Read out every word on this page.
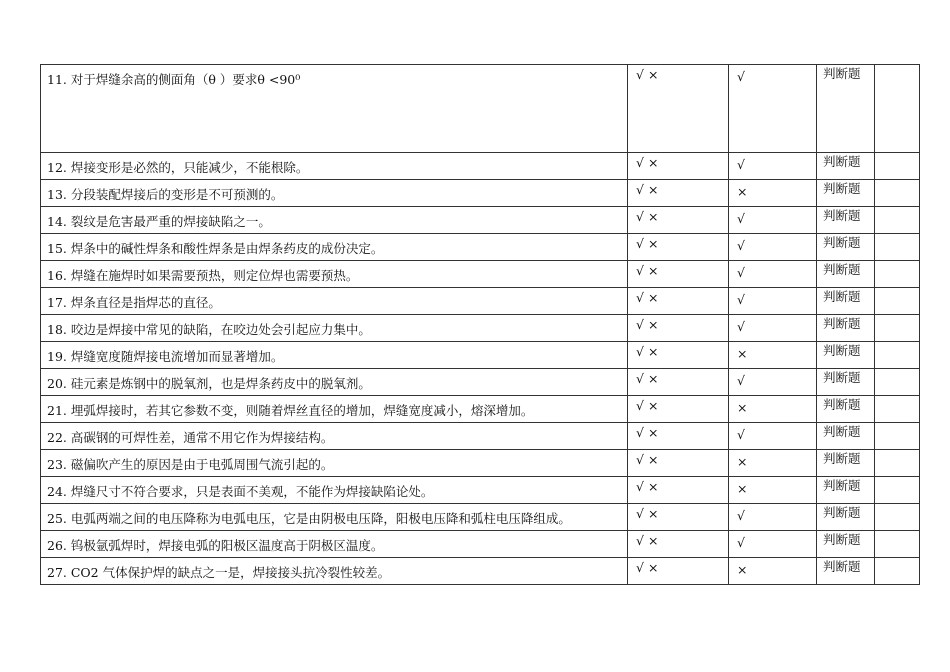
11. 对于焊缝余高的侧面角（θ ）要求θ <90⁰	√ ×	√	判断题	
12. 焊接变形是必然的，只能减少，不能根除。	√ ×	√	判断题	
13. 分段装配焊接后的变形是不可预测的。	√ ×	×	判断题	
14. 裂纹是危害最严重的焊接缺陷之一。	√ ×	√	判断题	
15. 焊条中的碱性焊条和酸性焊条是由焊条药皮的成份决定。	√ ×	√	判断题	
16. 焊缝在施焊时如果需要预热，则定位焊也需要预热。	√ ×	√	判断题	
17. 焊条直径是指焊芯的直径。	√ ×	√	判断题	
18. 咬边是焊接中常见的缺陷，在咬边处会引起应力集中。	√ ×	√	判断题	
19. 焊缝宽度随焊接电流增加而显著增加。	√ ×	×	判断题	
20. 硅元素是炼钢中的脱氧剂，也是焊条药皮中的脱氧剂。	√ ×	√	判断题	
21. 埋弧焊接时，若其它参数不变，则随着焊丝直径的增加，焊缝宽度减小，熔深增加。	√ ×	×	判断题	
22. 高碳钢的可焊性差，通常不用它作为焊接结构。	√ ×	√	判断题	
23. 磁偏吹产生的原因是由于电弧周围气流引起的。	√ ×	×	判断题	
24. 焊缝尺寸不符合要求，只是表面不美观，不能作为焊接缺陷论处。	√ ×	×	判断题	
25. 电弧两端之间的电压降称为电弧电压，它是由阴极电压降，阳极电压降和弧柱电压降组成。	√ ×	√	判断题	
26. 钨极氩弧焊时，焊接电弧的阳极区温度高于阴极区温度。	√ ×	√	判断题	
27. CO2 气体保护焊的缺点之一是，焊接接头抗冷裂性较差。	√ ×	×	判断题	
